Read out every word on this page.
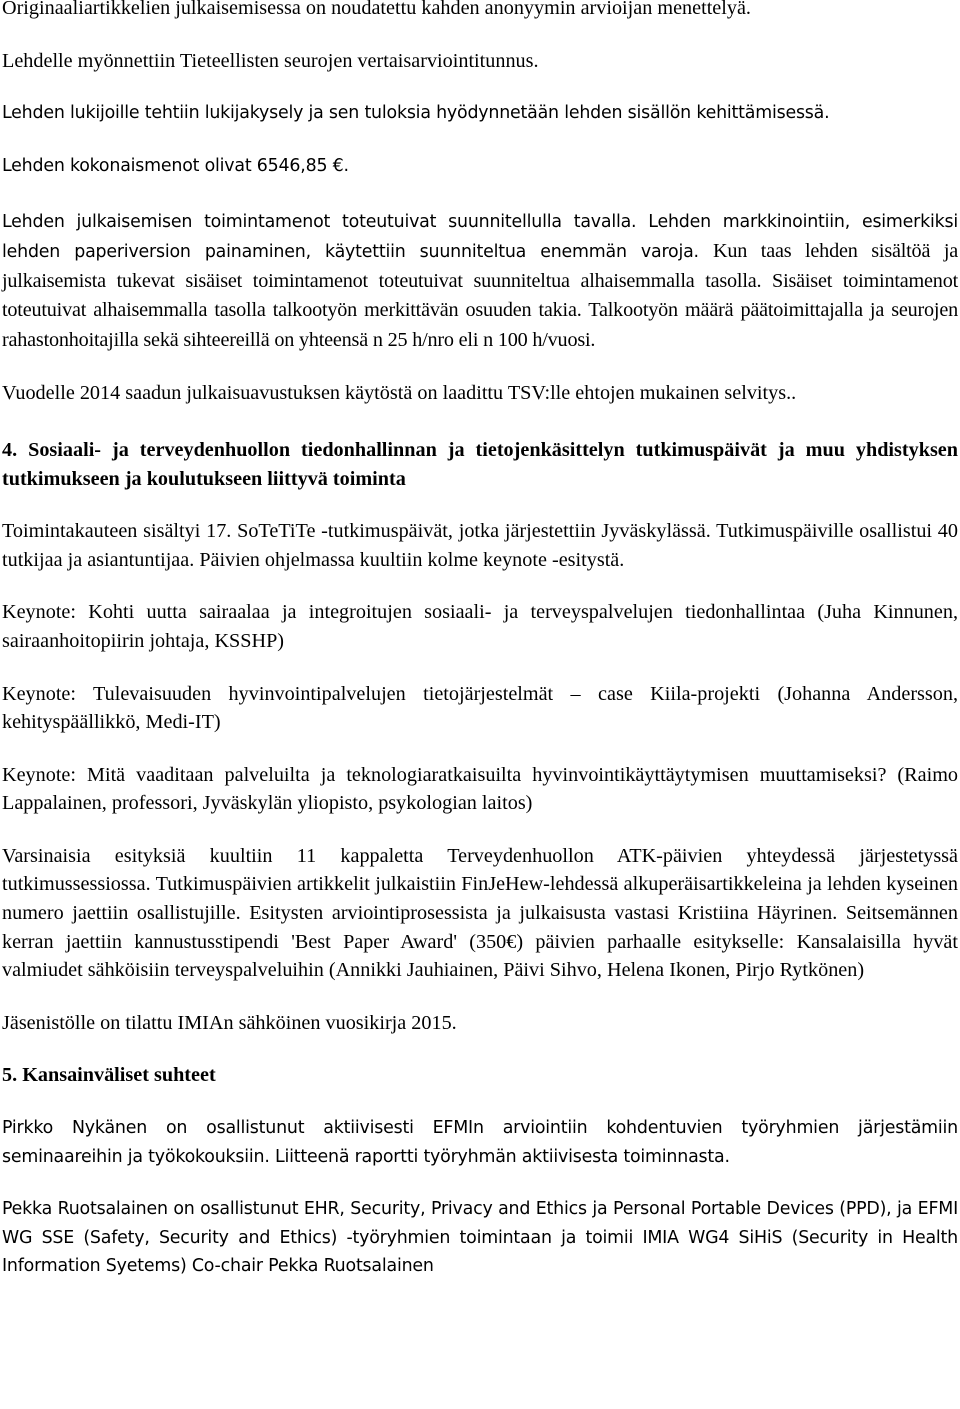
Originaaliartikkelien julkaisemisessa on noudatettu kahden anonyymin arvioijan menettelyä.

Lehdelle myönnettiin Tieteellisten seurojen vertaisarviointitunnus.

Lehden lukijoille tehtiin lukijakysely ja sen tuloksia hyödynnetään lehden sisällön kehittämisessä.

Lehden kokonaismenot olivat 6546,85 €.

Lehden julkaisemisen toimintamenot toteutuivat suunnitellulla tavalla. Lehden markkinointiin, esimerkiksi lehden paperiversion painaminen, käytettiin suunniteltua enemmän varoja. Kun taas lehden sisältöä ja julkaisemista tukevat sisäiset toimintamenot toteutuivat suunniteltua alhaisemmalla tasolla. Sisäiset toimintamenot toteutuivat alhaisemmalla tasolla talkootyön merkittävän osuuden takia. Talkootyön määrä päätoimittajalla ja seurojen rahastonhoitajilla sekä sihteereillä on yhteensä n 25 h/nro eli n 100 h/vuosi.

Vuodelle 2014 saadun julkaisuavustuksen käytöstä on laadittu TSV:lle ehtojen mukainen selvitys..

4. Sosiaali- ja terveydenhuollon tiedonhallinnan ja tietojenkäsittelyn tutkimuspäivät ja muu yhdistyksen tutkimukseen ja koulutukseen liittyvä toiminta

Toimintakauteen sisältyi 17. SoTeTiTe -tutkimuspäivät, jotka järjestettiin Jyväskylässä. Tutkimuspäiville osallistui 40 tutkijaa ja asiantuntijaa. Päivien ohjelmassa kuultiin kolme keynote -esitystä.

Keynote: Kohti uutta sairaalaa ja integroitujen sosiaali- ja terveyspalvelujen tiedonhallintaa (Juha Kinnunen, sairaanhoitopiirin johtaja, KSSHP)

Keynote: Tulevaisuuden hyvinvointipalvelujen tietojärjestelmät – case Kiila-projekti (Johanna Andersson, kehityspäällikkö, Medi-IT)

Keynote: Mitä vaaditaan palveluilta ja teknologiaratkaisuilta hyvinvointikäyttäytymisen muuttamiseksi? (Raimo Lappalainen, professori, Jyväskylän yliopisto, psykologian laitos)

Varsinaisia esityksiä kuultiin 11 kappaletta Terveydenhuollon ATK-päivien yhteydessä järjestetyssä tutkimussessiossa. Tutkimuspäivien artikkelit julkaistiin FinJeHew-lehdessä alkuperäisartikkeleina ja lehden kyseinen numero jaettiin osallistujille. Esitysten arviointiprosessista ja julkaisusta vastasi Kristiina Häyrinen. Seitsemännen kerran jaettiin kannustusstipendi 'Best Paper Award' (350€) päivien parhaalle esitykselle: Kansalaisilla hyvät valmiudet sähköisiin terveyspalveluihin (Annikki Jauhiainen, Päivi Sihvo, Helena Ikonen, Pirjo Rytkönen)

Jäsenistölle on tilattu IMIAn sähköinen vuosikirja 2015.

5. Kansainväliset suhteet

Pirkko Nykänen on osallistunut aktiivisesti EFMIn arviointiin kohdentuvien työryhmien järjestämiin seminaareihin ja työkokouksiin. Liitteenä raportti työryhmän aktiivisesta toiminnasta.

Pekka Ruotsalainen on osallistunut EHR, Security, Privacy and Ethics ja Personal Portable Devices (PPD), ja EFMI WG SSE (Safety, Security and Ethics) -työryhmien toimintaan ja toimii IMIA WG4 SiHiS (Security in Health Information Syetems) Co-chair Pekka Ruotsalainen
